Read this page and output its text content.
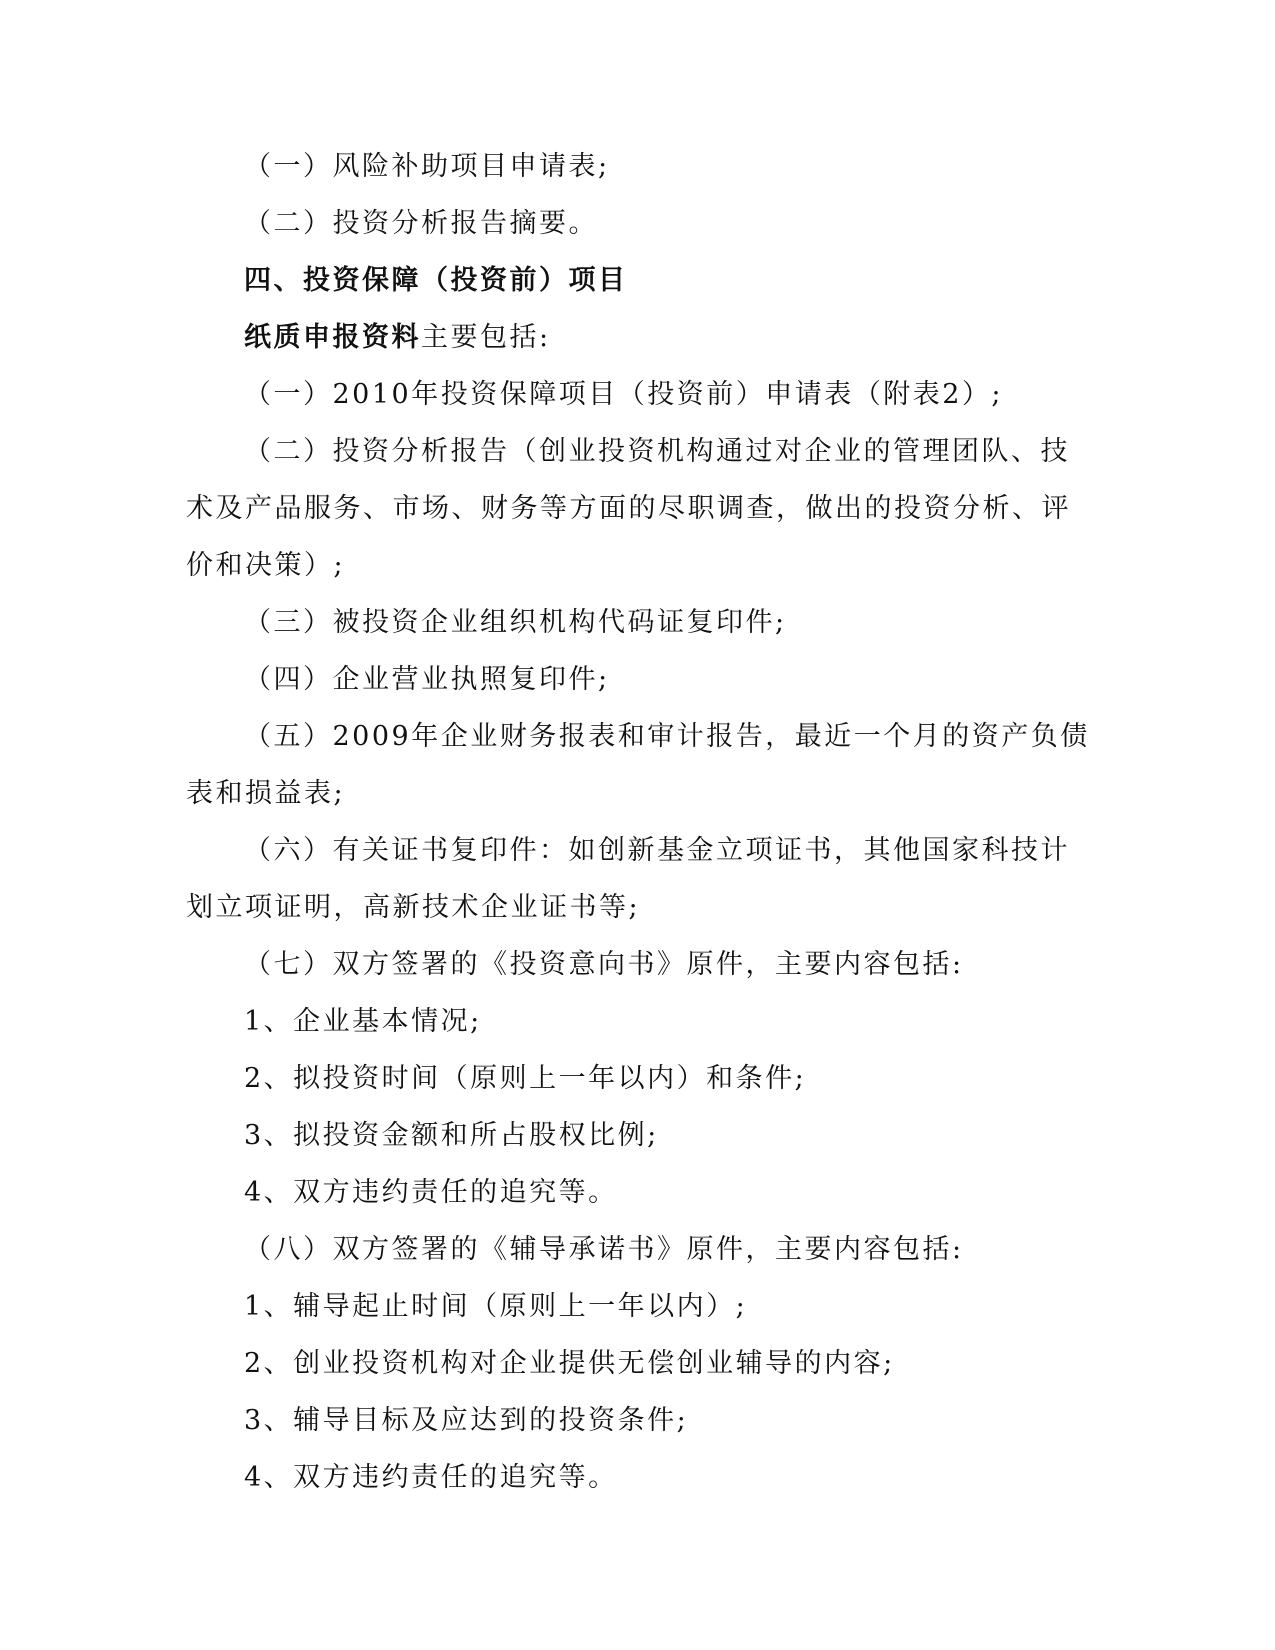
（一）风险补助项目申请表;

（二）投资分析报告摘要。

四、投资保障（投资前）项目

纸质申报资料主要包括:

（一）2010年投资保障项目（投资前）申请表（附表2）;

（二）投资分析报告（创业投资机构通过对企业的管理团队、技

术及产品服务、市场、财务等方面的尽职调查，做出的投资分析、评

价和决策）;

（三）被投资企业组织机构代码证复印件;

（四）企业营业执照复印件;

（五）2009年企业财务报表和审计报告，最近一个月的资产负债

表和损益表;

（六）有关证书复印件：如创新基金立项证书，其他国家科技计

划立项证明，高新技术企业证书等;

（七）双方签署的《投资意向书》原件，主要内容包括:

1、企业基本情况;

2、拟投资时间（原则上一年以内）和条件;

3、拟投资金额和所占股权比例;

4、双方违约责任的追究等。

（八）双方签署的《辅导承诺书》原件，主要内容包括:

1、辅导起止时间（原则上一年以内）;

2、创业投资机构对企业提供无偿创业辅导的内容;

3、辅导目标及应达到的投资条件;

4、双方违约责任的追究等。
